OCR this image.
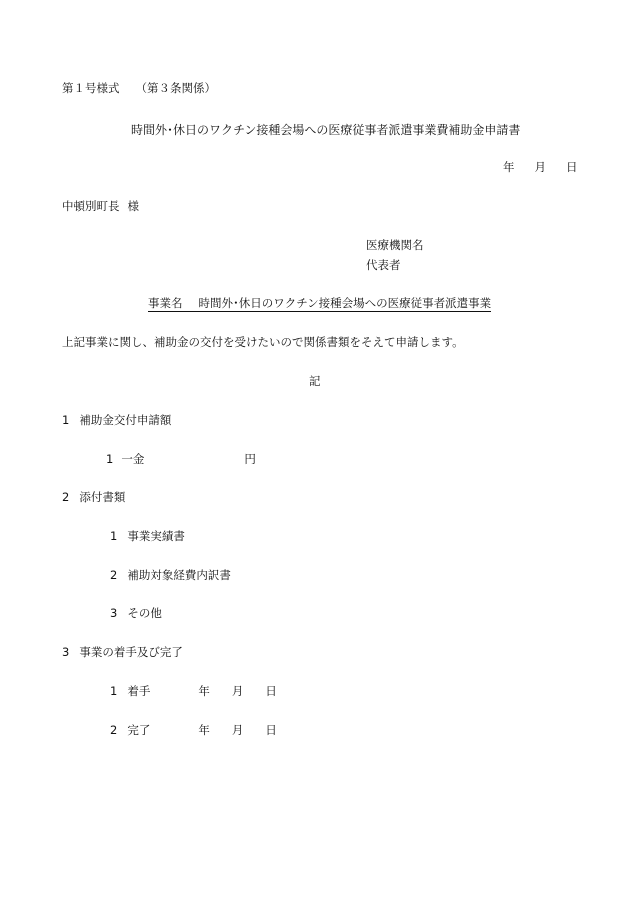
第１号様式 （第３条関係）
時間外･休日のワクチン接種会場への医療従事者派遣事業費補助金申請書
年 月 日
中頓別町長 様
医療機関名
代表者
事業名 時間外･休日のワクチン接種会場への医療従事者派遣事業
上記事業に関し、補助金の交付を受けたいので関係書類をそえて申請します。
記
1 補助金交付申請額
1 一金	円
2 添付書類
1 事業実績書
2 補助対象経費内訳書
3 その他
3 事業の着手及び完了
1 着手	年 月 日
2 完了	年 月 日
